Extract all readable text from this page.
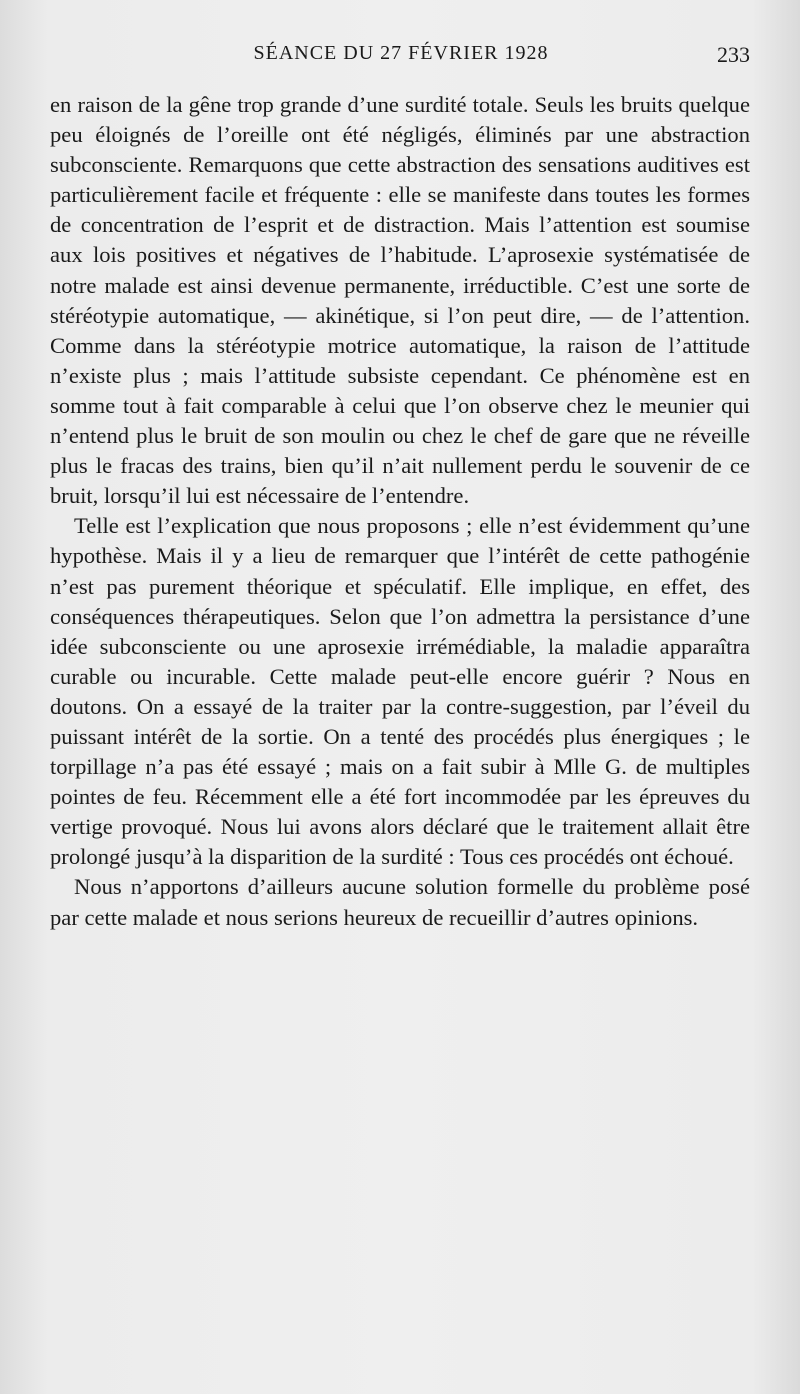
SÉANCE DU 27 FÉVRIER 1928	233

en raison de la gêne trop grande d’une surdité totale. Seuls les bruits quelque peu éloignés de l’oreille ont été négligés, éliminés par une abstraction subconsciente. Remarquons que cette abstraction des sensations auditives est particulièrement facile et fréquente : elle se manifeste dans toutes les formes de concentration de l’esprit et de distraction. Mais l’attention est soumise aux lois positives et négatives de l’habitude. L’aprosexie systématisée de notre malade est ainsi devenue permanente, irréductible. C’est une sorte de stéréotypie automatique, — akinétique, si l’on peut dire, — de l’attention. Comme dans la stéréotypie motrice automatique, la raison de l’attitude n’existe plus ; mais l’attitude subsiste cependant. Ce phénomène est en somme tout à fait comparable à celui que l’on observe chez le meunier qui n’entend plus le bruit de son moulin ou chez le chef de gare que ne réveille plus le fracas des trains, bien qu’il n’ait nullement perdu le souvenir de ce bruit, lorsqu’il lui est nécessaire de l’entendre.

Telle est l’explication que nous proposons ; elle n’est évidemment qu’une hypothèse. Mais il y a lieu de remarquer que l’intérêt de cette pathogénie n’est pas purement théorique et spéculatif. Elle implique, en effet, des conséquences thérapeutiques. Selon que l’on admettra la persistance d’une idée subconsciente ou une aprosexie irrémédiable, la maladie apparaîtra curable ou incurable. Cette malade peut-elle encore guérir ? Nous en doutons. On a essayé de la traiter par la contre-suggestion, par l’éveil du puissant intérêt de la sortie. On a tenté des procédés plus énergiques ; le torpillage n’a pas été essayé ; mais on a fait subir à Mlle G. de multiples pointes de feu. Récemment elle a été fort incommodée par les épreuves du vertige provoqué. Nous lui avons alors déclaré que le traitement allait être prolongé jusqu’à la disparition de la surdité : Tous ces procédés ont échoué.

Nous n’apportons d’ailleurs aucune solution formelle du problème posé par cette malade et nous serions heureux de recueillir d’autres opinions.
